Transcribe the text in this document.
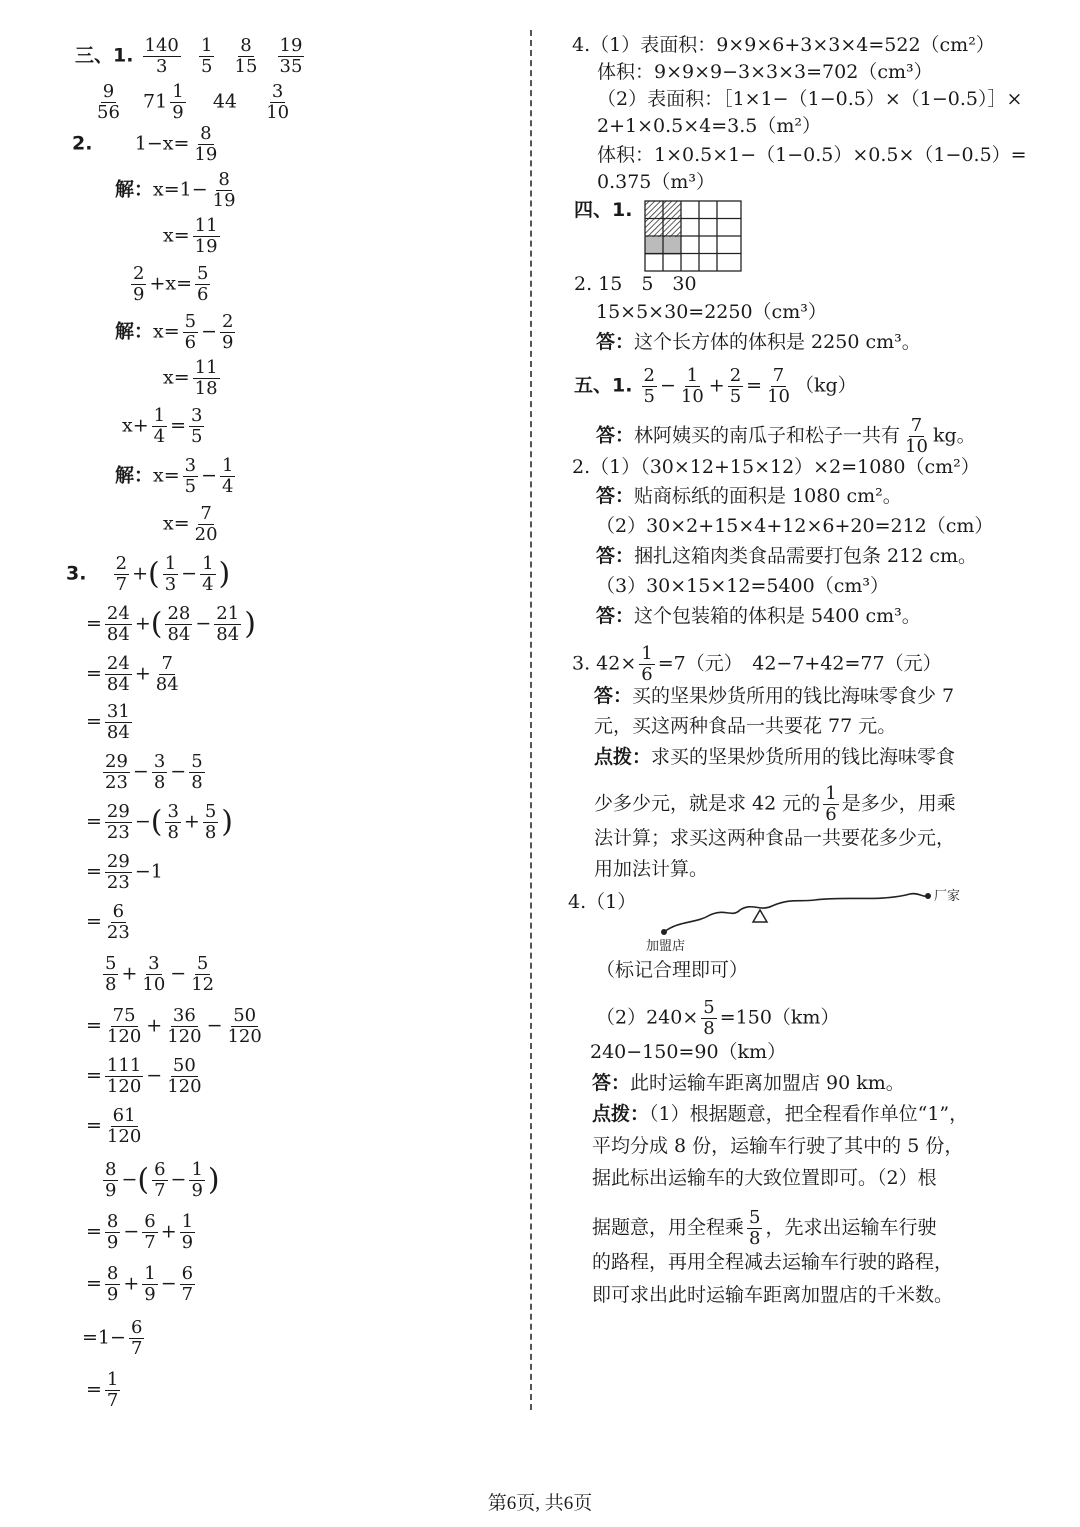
三、1. $\frac{140}{3}$
$\frac{1}{5}$
$\frac{8}{15}$
$\frac{19}{35}$
$\frac{9}{56} 71 \frac{1}{9} 44 \frac{3}{10}$
2. $1-x= \frac{8}{19}$
解：$x=1- \frac{8}{19}$
$x= \frac{11}{19}$
$\frac{2}{9} +x= \frac{5}{6}$
解：$x= \frac{5}{6} - \frac{2}{9}$
$x= \frac{11}{18}$
$x+ \frac{1}{4} = \frac{3}{5}$
解：$x= \frac{3}{5} - \frac{1}{4}$
$x= \frac{7}{20}$
3. $\frac{2}{7}$ +( $\frac{1}{3} - \frac{1}{4}$ )
= $\frac{24}{84}$ +( $\frac{28}{84} - \frac{21}{84}$ )
= $\frac{24}{84} + \frac{7}{84}$
= $\frac{31}{84}$
$\frac{29}{23} - \frac{3}{8} - \frac{5}{8}$
= $\frac{29}{23}$ −( $\frac{3}{8} + \frac{5}{8}$ )
= $\frac{29}{23} -1$
= $\frac{6}{23}$
$\frac{5}{8} + \frac{3}{10} - \frac{5}{12}$
= $\frac{75}{120} + \frac{36}{120} - \frac{50}{120}$
= $\frac{111}{120} - \frac{50}{120}$
= $\frac{61}{120}$
$\frac{8}{9}$ −( $\frac{6}{7} - \frac{1}{9}$ )
= $\frac{8}{9} - \frac{6}{7} + \frac{1}{9}$
= $\frac{8}{9} + \frac{1}{9} - \frac{6}{7}$
$=1- \frac{6}{7}$
= $\frac{1}{7}$
4.（1）表面积：9×9×6+3×3×4=522（cm²）
体积：9×9×9−3×3×3=702（cm³）
（2）表面积：［1×1−（1−0.5）×（1−0.5）］×
2+1×0.5×4=3.5（m²）
体积：1×0.5×1−（1−0.5）×0.5×（1−0.5）=
0.375（m³）
四、1.
2. 15　5　30
15×5×30=2250（cm³）
答：这个长方体的体积是 2250 cm³。
五、1. $\frac{2}{5} - \frac{1}{10} + \frac{2}{5} = \frac{7}{10} (kg)$
答：林阿姨买的南瓜子和松子一共有 $\frac{7}{10}$ kg。
2.（1）（30×12+15×12）×2=1080（cm²）
答：贴商标纸的面积是 1080 cm²。
（2）30×2+15×4+12×6+20=212（cm）
答：捆扎这箱肉类食品需要打包条 212 cm。
（3）30×15×12=5400（cm³）
答：这个包装箱的体积是 5400 cm³。
3. $42\times \frac{1}{6} =7$（元）　42−7+42=77（元）
答：买的坚果炒货所用的钱比海味零食少 7
元，买这两种食品一共要花 77 元。
点拨：求买的坚果炒货所用的钱比海味零食
少多少元，就是求 42 元的 $\frac{1}{6}$ 是多少，用乘
法计算；求买这两种食品一共要花多少元，
用加法计算。
4.（1）
加盟店
厂家
（标记合理即可）
$(2)240\times \frac{5}{8} =150(km)$
240−150=90（km）
答：此时运输车距离加盟店 90 km。
点拨：（1）根据题意，把全程看作单位“1”，
平均分成 8 份，运输车行驶了其中的 5 份，
据此标出运输车的大致位置即可。（2）根
据题意，用全程乘 $\frac{5}{8}$ ，先求出运输车行驶
的路程，再用全程减去运输车行驶的路程，
即可求出此时运输车距离加盟店的千米数。
第6页, 共6页
